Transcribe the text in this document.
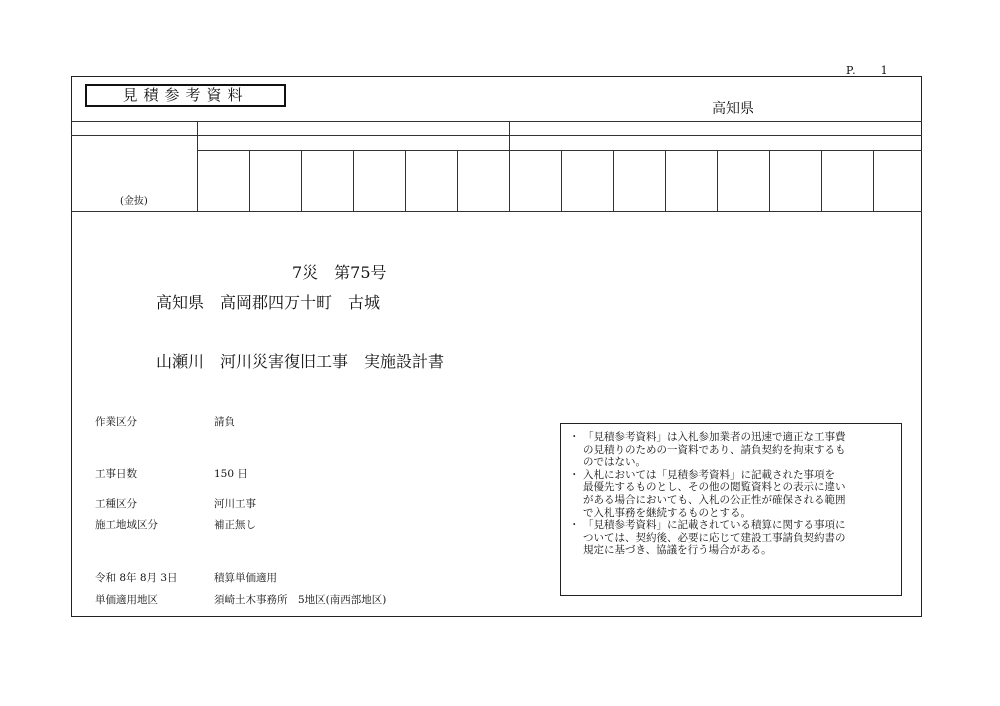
P.　　1
見積参考資料
高知県
(金抜)
7災　第75号
高知県　高岡郡四万十町　古城
山瀬川　河川災害復旧工事　実施設計書
作業区分	請負
工事日数	150 日
工種区分	河川工事
施工地域区分	補正無し
令和 8年 8月 3日	積算単価適用
単価適用地区	須崎土木事務所　5地区(南西部地区)
・ 「見積参考資料」は入札参加業者の迅速で適正な工事費
の見積りのための一資料であり、請負契約を拘束するも
のではない。
・ 入札においては「見積参考資料」に記載された事項を
最優先するものとし、その他の閲覧資料との表示に違い
がある場合においても、入札の公正性が確保される範囲
で入札事務を継続するものとする。
・ 「見積参考資料」に記載されている積算に関する事項に
ついては、契約後、必要に応じて建設工事請負契約書の
規定に基づき、協議を行う場合がある。
